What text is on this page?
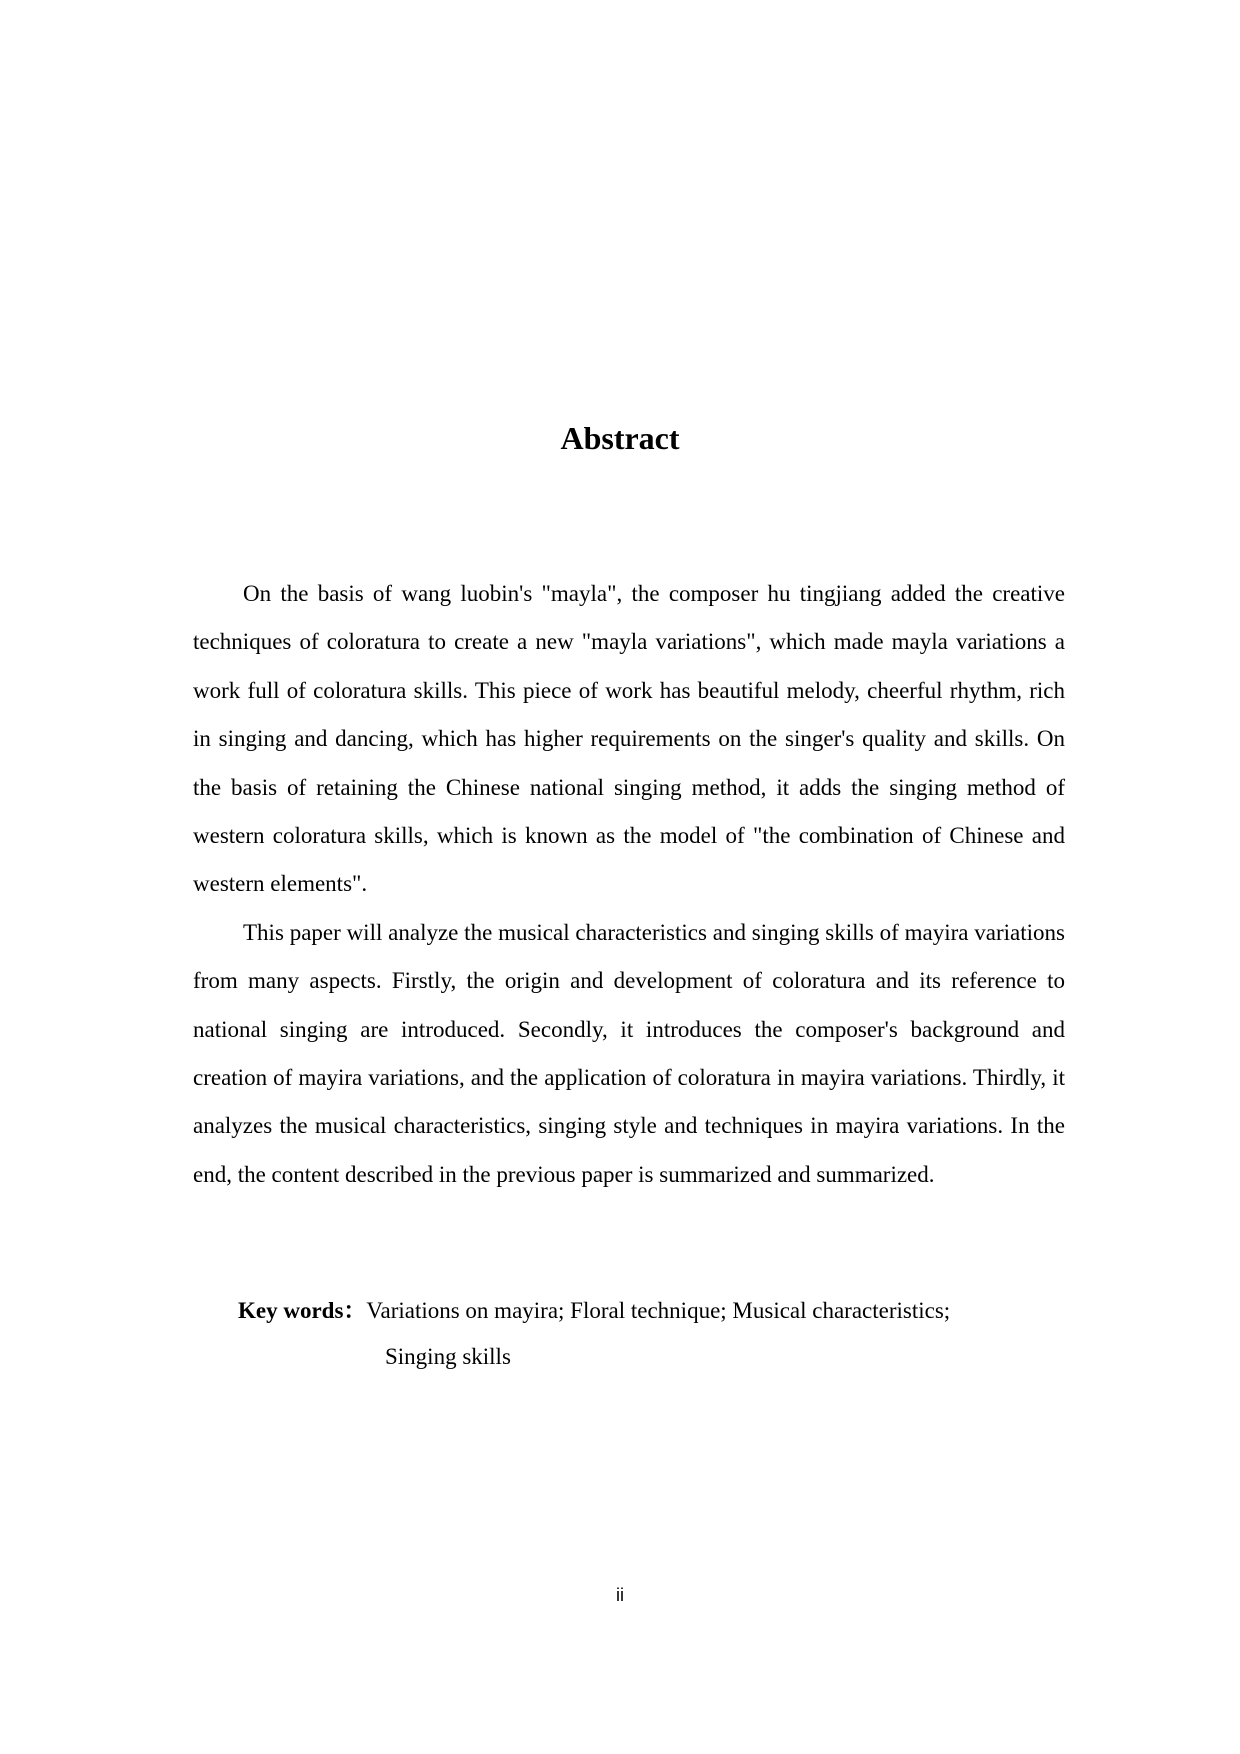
Abstract

On the basis of wang luobin's "mayla", the composer hu tingjiang added the creative techniques of coloratura to create a new "mayla variations", which made mayla variations a work full of coloratura skills. This piece of work has beautiful melody, cheerful rhythm, rich in singing and dancing, which has higher requirements on the singer's quality and skills. On the basis of retaining the Chinese national singing method, it adds the singing method of western coloratura skills, which is known as the model of "the combination of Chinese and western elements".

This paper will analyze the musical characteristics and singing skills of mayira variations from many aspects. Firstly, the origin and development of coloratura and its reference to national singing are introduced. Secondly, it introduces the composer's background and creation of mayira variations, and the application of coloratura in mayira variations. Thirdly, it analyzes the musical characteristics, singing style and techniques in mayira variations. In the end, the content described in the previous paper is summarized and summarized.

Key words：Variations on mayira; Floral technique; Musical characteristics;
Singing skills
ii
